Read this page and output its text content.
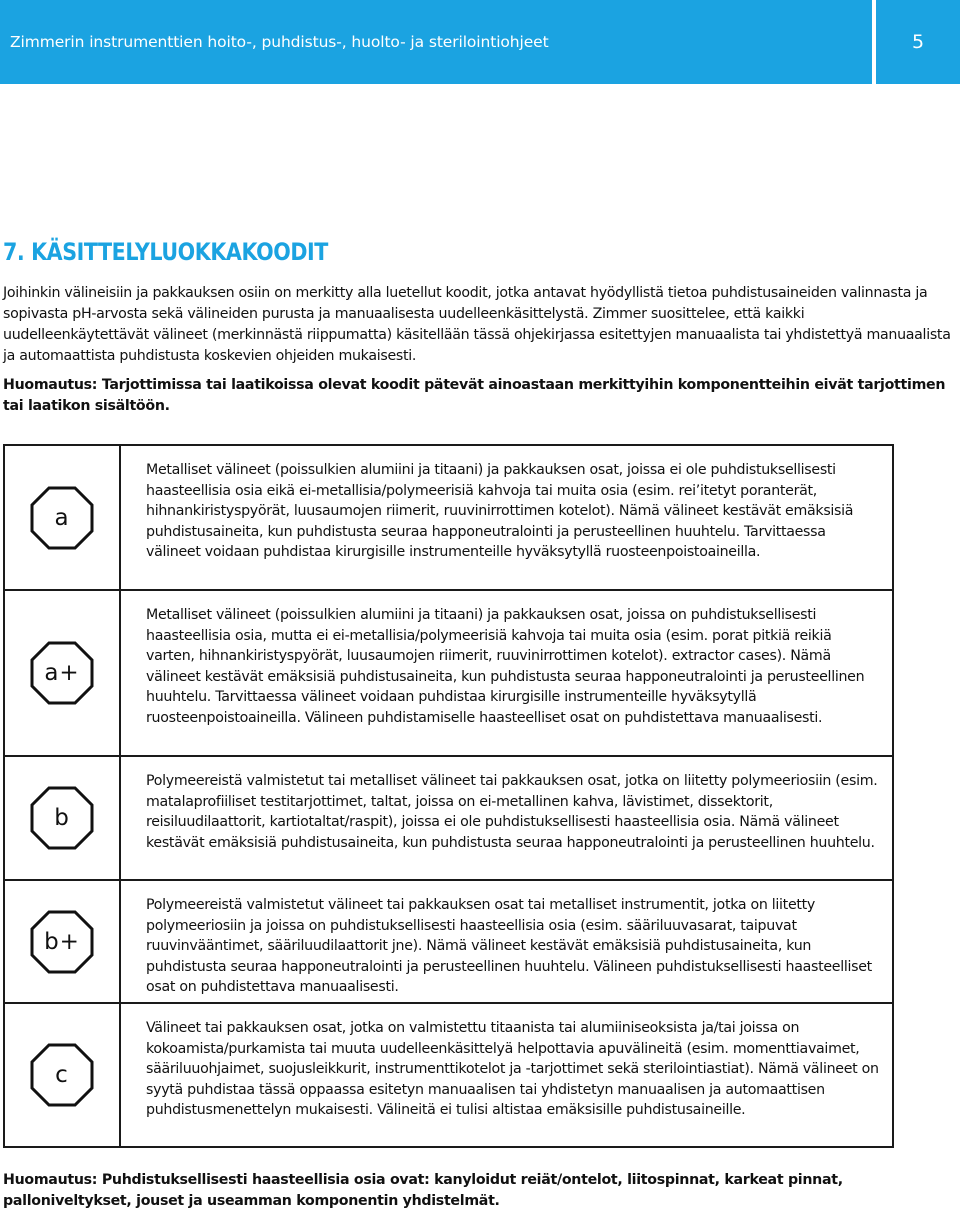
Zimmerin instrumenttien hoito-, puhdistus-, huolto- ja sterilointiohjeet	5
7. KÄSITTELYLUOKKAKOODIT

Joihinkin välineisiin ja pakkauksen osiin on merkitty alla luetellut koodit, jotka antavat hyödyllistä tietoa puhdistusaineiden valinnasta ja sopivasta pH-arvosta sekä välineiden purusta ja manuaalisesta uudelleenkäsittelystä. Zimmer suosittelee, että kaikki uudelleenkäytettävät välineet (merkinnästä riippumatta) käsitellään tässä ohjekirjassa esitettyjen manuaalista tai yhdistettyä manuaalista ja automaattista puhdistusta koskevien ohjeiden mukaisesti.

Huomautus: Tarjottimissa tai laatikoissa olevat koodit pätevät ainoastaan merkittyihin komponentteihin eivät tarjottimen tai laatikon sisältöön.

a
Metalliset välineet (poissulkien alumiini ja titaani) ja pakkauksen osat, joissa ei ole puhdistuksellisesti haasteellisia osia eikä ei-metallisia/polymeerisiä kahvoja tai muita osia (esim. rei’itetyt poranterät, hihnankiristyspyörät, luusaumojen riimerit, ruuvinirrottimen kotelot). Nämä välineet kestävät emäksisiä puhdistusaineita, kun puhdistusta seuraa happoneutralointi ja perusteellinen huuhtelu. Tarvittaessa välineet voidaan puhdistaa kirurgisille instrumenteille hyväksytyllä ruosteenpoistoaineilla.
a+
Metalliset välineet (poissulkien alumiini ja titaani) ja pakkauksen osat, joissa on puhdistuksellisesti haasteellisia osia, mutta ei ei-metallisia/polymeerisiä kahvoja tai muita osia (esim. porat pitkiä reikiä varten, hihnankiristyspyörät, luusaumojen riimerit, ruuvinirrottimen kotelot). extractor cases). Nämä välineet kestävät emäksisiä puhdistusaineita, kun puhdistusta seuraa happoneutralointi ja perusteellinen huuhtelu. Tarvittaessa välineet voidaan puhdistaa kirurgisille instrumenteille hyväksytyllä ruosteenpoistoaineilla. Välineen puhdistamiselle haasteelliset osat on puhdistettava manuaalisesti.
b
Polymeereistä valmistetut tai metalliset välineet tai pakkauksen osat, jotka on liitetty polymeeriosiin (esim. matalaprofiiliset testitarjottimet, taltat, joissa on ei-metallinen kahva, lävistimet, dissektorit, reisiluudilaattorit, kartiotaltat/raspit), joissa ei ole puhdistuksellisesti haasteellisia osia. Nämä välineet kestävät emäksisiä puhdistusaineita, kun puhdistusta seuraa happoneutralointi ja perusteellinen huuhtelu.
b+
Polymeereistä valmistetut välineet tai pakkauksen osat tai metalliset instrumentit, jotka on liitetty polymeeriosiin ja joissa on puhdistuksellisesti haasteellisia osia (esim. sääriluuvasarat, taipuvat ruuvinvääntimet, sääriluudilaattorit jne). Nämä välineet kestävät emäksisiä puhdistusaineita, kun puhdistusta seuraa happoneutralointi ja perusteellinen huuhtelu. Välineen puhdistuksellisesti haasteelliset osat on puhdistettava manuaalisesti.
c
Välineet tai pakkauksen osat, jotka on valmistettu titaanista tai alumiiniseoksista ja/tai joissa on kokoamista/purkamista tai muuta uudelleenkäsittelyä helpottavia apuvälineitä (esim. momenttiavaimet, sääriluuohjaimet, suojusleikkurit, instrumenttikotelot ja -tarjottimet sekä sterilointiastiat). Nämä välineet on syytä puhdistaa tässä oppaassa esitetyn manuaalisen tai yhdistetyn manuaalisen ja automaattisen puhdistusmenettelyn mukaisesti. Välineitä ei tulisi altistaa emäksisille puhdistusaineille.
Huomautus: Puhdistuksellisesti haasteellisia osia ovat: kanyloidut reiät/ontelot, liitospinnat, karkeat pinnat, palloniveltykset, jouset ja useamman komponentin yhdistelmät.
